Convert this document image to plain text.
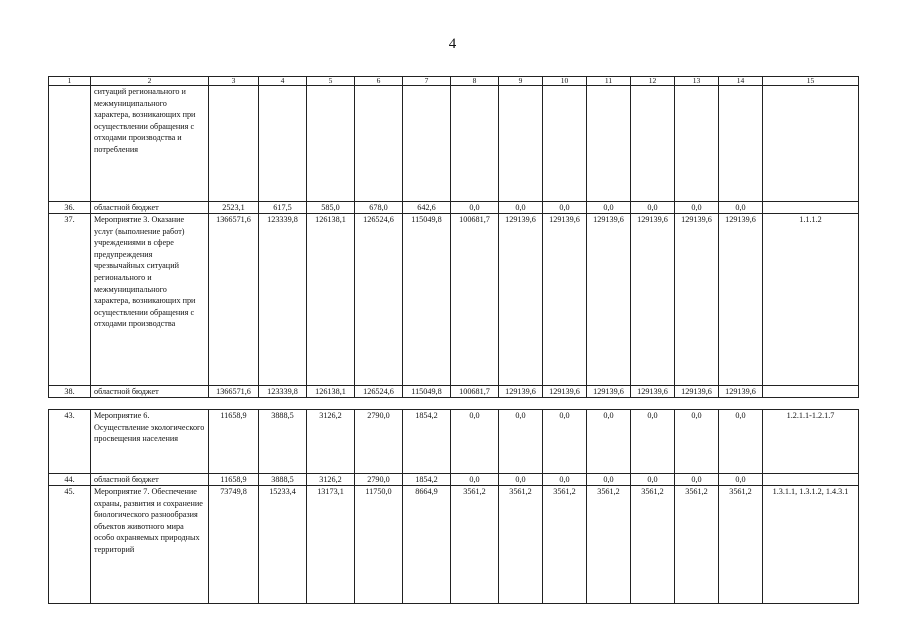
4
1	2	3	4	5	6	7	8	9	10	11	12	13	14	15
	ситуаций регионального и межмуниципального характера, возникающих при осуществлении обращения с отходами производства и потребления													
36.	областной бюджет	2523,1	617,5	585,0	678,0	642,6	0,0	0,0	0,0	0,0	0,0	0,0	0,0	
37.	Мероприятие 3. Оказание услуг (выполнение работ) учреждениями в сфере предупреждения чрезвычайных ситуаций регионального и межмуниципального характера, возникающих при осуществлении обращения с отходами производства	1366571,6	123339,8	126138,1	126524,6	115049,8	100681,7	129139,6	129139,6	129139,6	129139,6	129139,6	129139,6	1.1.1.2
38.	областной бюджет	1366571,6	123339,8	126138,1	126524,6	115049,8	100681,7	129139,6	129139,6	129139,6	129139,6	129139,6	129139,6	
43.	Мероприятие 6. Осуществление экологического просвещения населения	11658,9	3888,5	3126,2	2790,0	1854,2	0,0	0,0	0,0	0,0	0,0	0,0	0,0	1.2.1.1-1.2.1.7
44.	областной бюджет	11658,9	3888,5	3126,2	2790,0	1854,2	0,0	0,0	0,0	0,0	0,0	0,0	0,0	
45.	Мероприятие 7. Обеспечение охраны, развития и сохранение биологического разнообразия объектов животного мира особо охраняемых природных территорий	73749,8	15233,4	13173,1	11750,0	8664,9	3561,2	3561,2	3561,2	3561,2	3561,2	3561,2	3561,2	1.3.1.1, 1.3.1.2, 1.4.3.1
